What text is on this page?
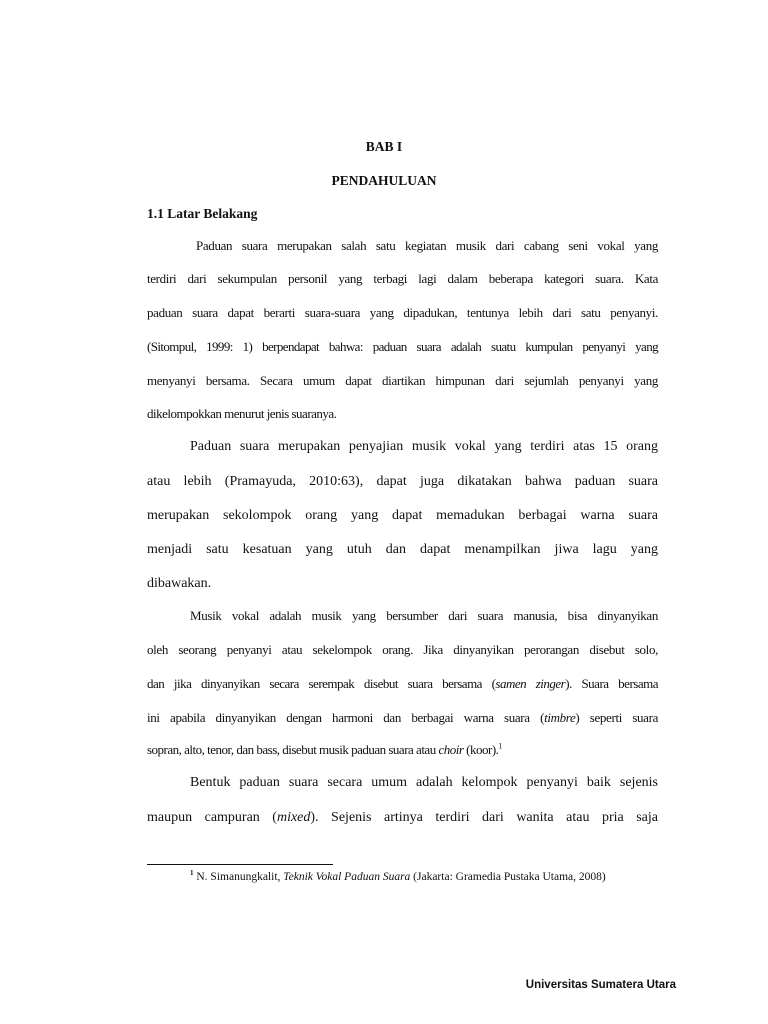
BAB I
PENDAHULUAN
1.1 Latar Belakang
Paduan suara merupakan salah satu kegiatan musik dari cabang seni vokal yang
terdiri dari sekumpulan personil yang terbagi lagi dalam beberapa kategori suara. Kata
paduan suara dapat berarti suara-suara yang dipadukan, tentunya lebih dari satu penyanyi.
(Sitompul, 1999: 1) berpendapat bahwa: paduan suara adalah suatu kumpulan penyanyi yang
menyanyi bersama. Secara umum dapat diartikan himpunan dari sejumlah penyanyi yang
dikelompokkan menurut jenis suaranya.
Paduan suara merupakan penyajian musik vokal yang terdiri atas 15 orang
atau lebih (Pramayuda, 2010:63), dapat juga dikatakan bahwa paduan suara
merupakan sekolompok orang yang dapat memadukan berbagai warna suara
menjadi satu kesatuan yang utuh dan dapat menampilkan jiwa lagu yang
dibawakan.
Musik vokal adalah musik yang bersumber dari suara manusia, bisa dinyanyikan
oleh seorang penyanyi atau sekelompok orang. Jika dinyanyikan perorangan disebut solo,
dan jika dinyanyikan secara serempak disebut suara bersama (samen zinger). Suara bersama
ini apabila dinyanyikan dengan harmoni dan berbagai warna suara (timbre) seperti suara
sopran, alto, tenor, dan bass, disebut musik paduan suara atau choir (koor).$^1$
Bentuk paduan suara secara umum adalah kelompok penyanyi baik sejenis
maupun campuran (mixed). Sejenis artinya terdiri dari wanita atau pria saja
$^1$ N. Simanungkalit, Teknik Vokal Paduan Suara (Jakarta: Gramedia Pustaka Utama, 2008)
Universitas Sumatera Utara
